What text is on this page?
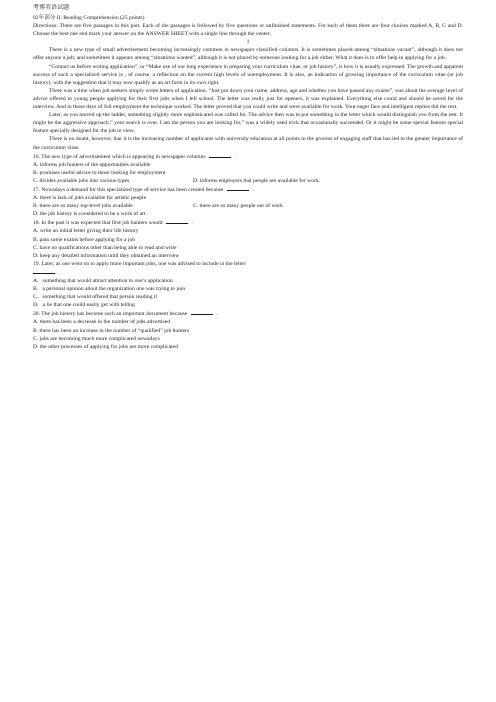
考博英语试题
02年部分 II. Reading Comprehension (25 points)
Directions: There are five passages in this part. Each of the passages is followed by five questions or unfinished statements. For each of them there are four choices marked A, B, C and D. Choose the best one and mark your answer on the ANSWER SHEET with a single line through the center.
1
There is a new type of small advertisement becoming increasingly common in newspaper classified columns. It is sometimes placed among “situations vacant”, although it does not offer anyone a job; and sometimes it appears among “situations wanted”, although it is not placed by someone looking for a job either. What it does is to offer help in applying for a job.
“Contact us before writing application”, or “Make use of our long experience in preparing your curriculum vitae, or job history”, is how it is usually expressed. The growth and apparent success of such a specialized service is , of course, a reflection on the current high levels of unemployment. It is also, an indication of growing importance of the curriculum vitae (or job history), with the suggestion that it may now qualify as an art form in its own right.
There was a time when job seekers simply wrote letters of application. “Just put down your name, address, age and whether you have passed any exams”, was about the average level of advice offered to young people applying for their first jobs when I left school. The letter was really just for openers, it was explained. Everything else could and should be saved for the interview. And in those days of full employment the technique worked. The letter proved that you could write and were available for work. Your eager face and intelligent replies did the rest.
Later, as you moved up the ladder, something slightly more sophisticated was called for. The advice then was to put something in the letter which would distinguish you from the rest. It might be the aggressive approach.” your search is over. I am the person you are looking for,” was a widely used trick that occasionally succeeded. Or it might be some special feature special feature specially designed for the job in view.
There is no doubt, however, that it is the increasing number of applicants with university education at all points in the process of engaging staff that has led to the greater importance of the curriculum vitae.
16. The new type of advertisement which is appearing in newspaper columns	.
A. informs job hunters of the opportunities available
B. promises useful advice to those looking for employment
C. divides available jobs into various types	D. informs employers that people are available for work.
17. Nowadays a demand for this specialized type of service has been created because	.
A. there is lack of jobs available for artistic people
B. there are so many top-level jobs available	C. there are so many people out of work
D. the job history is considered to be a work of art .
18. In the past it was expected that first job hunters would	.
A. write an initial letter giving their life history
B. pass some exams before applying for a job
C. have no qualifications other than being able to read and write
D. keep any detailed information until they obtained an interview
19. Later, as one went on to apply more important jobs, one was advised to include in the letter
.
A．something that would attract attention to one’s application
B．a personal opinion about the organization one was trying to join
C．something that would offered that person reading it
D．a lie that one could easily get with telling
20. The job history has become such an important document because	.
A. there has been a decrease in the number of jobs advertised
B. there has been an increase in the number of “qualified” job hunters
C. jobs are becoming much more complicated nowadays
D. the other processes of applying for jobs are more complicated
